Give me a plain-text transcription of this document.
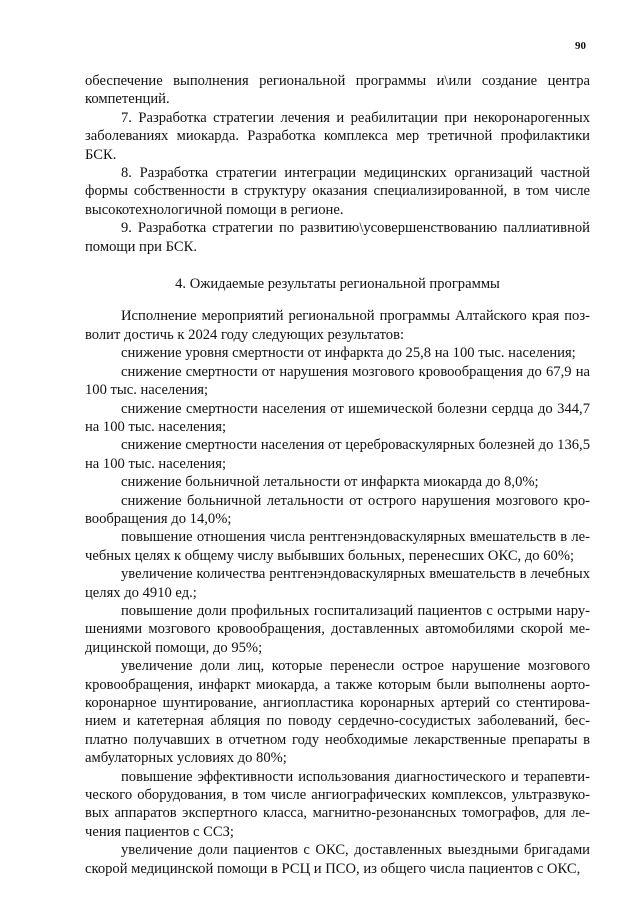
90

обеспечение выполнения региональной программы и\или создание центра компетенций.

7. Разработка стратегии лечения и реабилитации при некоронарогенных заболеваниях миокарда. Разработка комплекса мер третичной профилактики БСК.

8. Разработка стратегии интеграции медицинских организаций частной формы собственности в структуру оказания специализированной, в том числе высокотехнологичной помощи в регионе.

9. Разработка стратегии по развитию\усовершенствованию паллиативной помощи при БСК.

4. Ожидаемые результаты региональной программы

Исполнение мероприятий региональной программы Алтайского края позволит достичь к 2024 году следующих результатов:

снижение уровня смертности от инфаркта до 25,8 на 100 тыс. населения;

снижение смертности от нарушения мозгового кровообращения до 67,9 на 100 тыс. населения;

снижение смертности населения от ишемической болезни сердца до 344,7 на 100 тыс. населения;

снижение смертности населения от цереброваскулярных болезней до 136,5 на 100 тыс. населения;

снижение больничной летальности от инфаркта миокарда до 8,0%;

снижение больничной летальности от острого нарушения мозгового кровообращения до 14,0%;

повышение отношения числа рентгенэндоваскулярных вмешательств в лечебных целях к общему числу выбывших больных, перенесших ОКС, до 60%;

увеличение количества рентгенэндоваскулярных вмешательств в лечебных целях до 4910 ед.;

повышение доли профильных госпитализаций пациентов с острыми нарушениями мозгового кровообращения, доставленных автомобилями скорой медицинской помощи, до 95%;

увеличение доли лиц, которые перенесли острое нарушение мозгового кровообращения, инфаркт миокарда, а также которым были выполнены аортокоронарное шунтирование, ангиопластика коронарных артерий со стентированием и катетерная абляция по поводу сердечно-сосудистых заболеваний, бесплатно получавших в отчетном году необходимые лекарственные препараты в амбулаторных условиях до 80%;

повышение эффективности использования диагностического и терапевтического оборудования, в том числе ангиографических комплексов, ультразвуковых аппаратов экспертного класса, магнитно-резонансных томографов, для лечения пациентов с ССЗ;

увеличение доли пациентов с ОКС, доставленных выездными бригадами скорой медицинской помощи в РСЦ и ПСО, из общего числа пациентов с ОКС,
